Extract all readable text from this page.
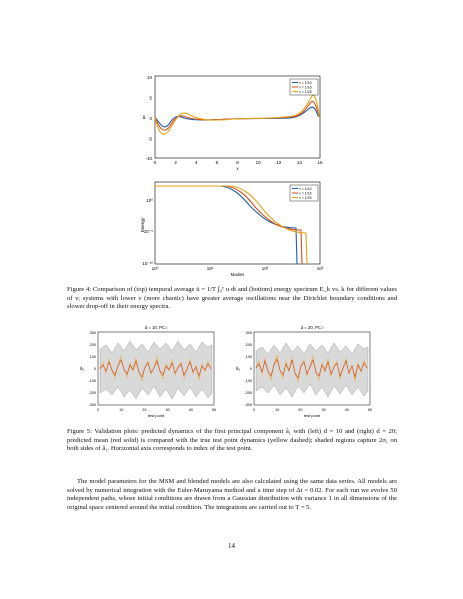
10
5
0
-5
-10
0	2	4	6	8	10	12	14	16
x
ū
ν = 1/10
ν = 1/16
ν = 1/25
10⁰
10⁻⁵
10⁻¹⁰
10⁰	10¹	10²	10³
Modes
Energy
ν = 1/10
ν = 1/16
ν = 1/25
Figure 4: Comparison of (top) temporal average ū = 1/T ∫₀ᵀ u dt and (bottom) energy spectrum E_k vs. k for different values of ν; systems with lower ν (more chaotic) have greater average oscillations near the Dirichlet boundary conditions and slower drop-off in their energy spectra.
d = 10, PC i
300
200
100
0
-100
-200
-300
0	10	20	30	40	50
test point
â₁
d = 20, PC i
300
200
100
0
-100
-200
-300
0	10	20	30	40	50
test point
â₁
Figure 5: Validation plots: predicted dynamics of the first principal component â₁ with (left) d = 10 and (right) d = 20; predicted mean (red solid) is compared with the true test point dynamics (yellow dashed); shaded regions capture 2σ₁ on both sides of â₁. Horizontal axis corresponds to index of the test point.
The model parameters for the MSM and blended models are also calculated using the same data series. All models are solved by numerical integration with the Euler-Maruyama method and a time step of Δt = 0.02. For each run we evolve 50 independent paths, whose initial conditions are drawn from a Gaussian distribution with variance 1 in all dimensions of the original space centered around the initial condition. The integrations are carried out to T = 5.
14
